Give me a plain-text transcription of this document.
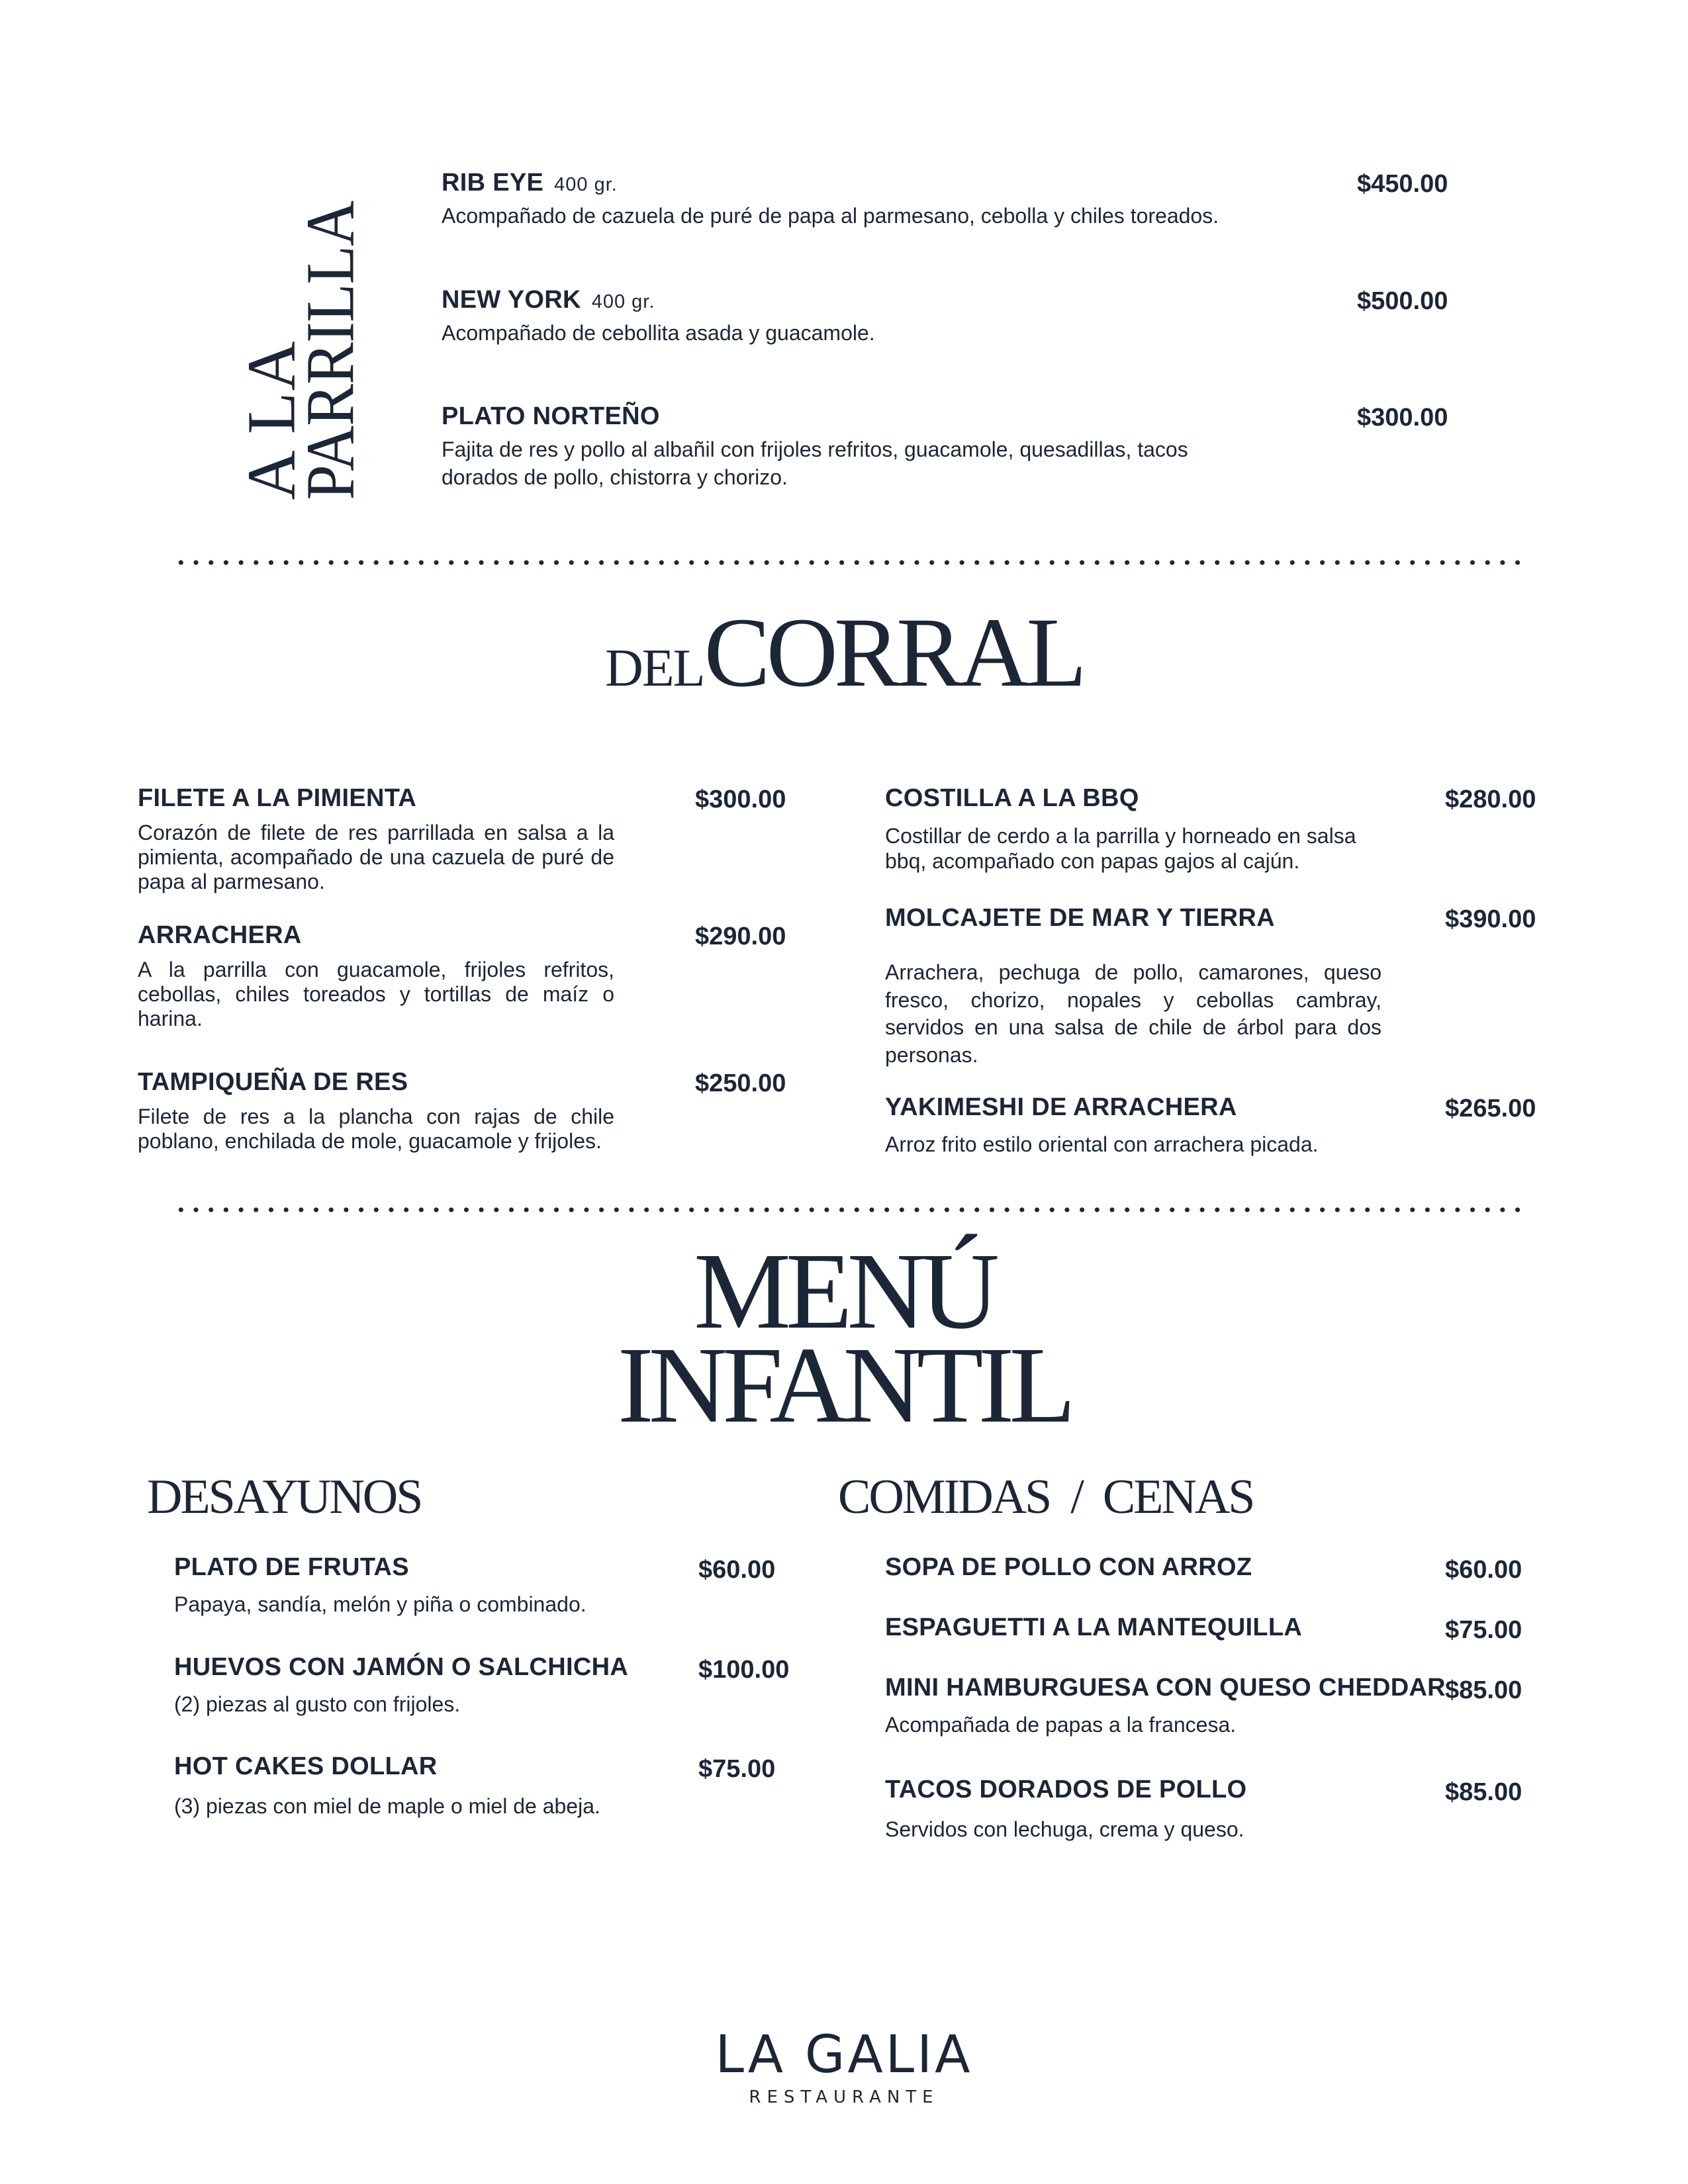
A LA
PARRILLA
RIB EYE 400 gr.
Acompañado de cazuela de puré de papa al parmesano, cebolla y chiles toreados.
$450.00
NEW YORK 400 gr.
Acompañado de cebollita asada y guacamole.
$500.00
PLATO NORTEÑO
Fajita de res y pollo al albañil con frijoles refritos, guacamole, quesadillas, tacos
dorados de pollo, chistorra y chorizo.
$300.00
DELCORRAL
FILETE A LA PIMIENTA
Corazón de filete de res parrillada en salsa a la pimienta, acompañado de una cazuela de puré de papa al parmesano.
$300.00
ARRACHERA
A la parrilla con guacamole, frijoles refritos, cebollas, chiles toreados y tortillas de maíz o harina.
$290.00
TAMPIQUEÑA DE RES
Filete de res a la plancha con rajas de chile poblano, enchilada de mole, guacamole y frijoles.
$250.00
COSTILLA A LA BBQ
Costillar de cerdo a la parrilla y horneado en salsa bbq, acompañado con papas gajos al cajún.
$280.00
MOLCAJETE DE MAR Y TIERRA
Arrachera, pechuga de pollo, camarones, queso fresco, chorizo, nopales y cebollas cambray, servidos en una salsa de chile de árbol para dos personas.
$390.00
YAKIMESHI DE ARRACHERA
Arroz frito estilo oriental con arrachera picada.
$265.00
MENÚ
INFANTIL
DESAYUNOS
PLATO DE FRUTAS
Papaya, sandía, melón y piña o combinado.
$60.00
HUEVOS CON JAMÓN O SALCHICHA
(2) piezas al gusto con frijoles.
$100.00
HOT CAKES DOLLAR
(3) piezas con miel de maple o miel de abeja.
$75.00
COMIDAS  /  CENAS
SOPA DE POLLO CON ARROZ	$60.00
ESPAGUETTI A LA MANTEQUILLA	$75.00
MINI HAMBURGUESA CON QUESO CHEDDAR
Acompañada de papas a la francesa.
$85.00
TACOS DORADOS DE POLLO
Servidos con lechuga, crema y queso.
$85.00
LA GALIA
RESTAURANTE
